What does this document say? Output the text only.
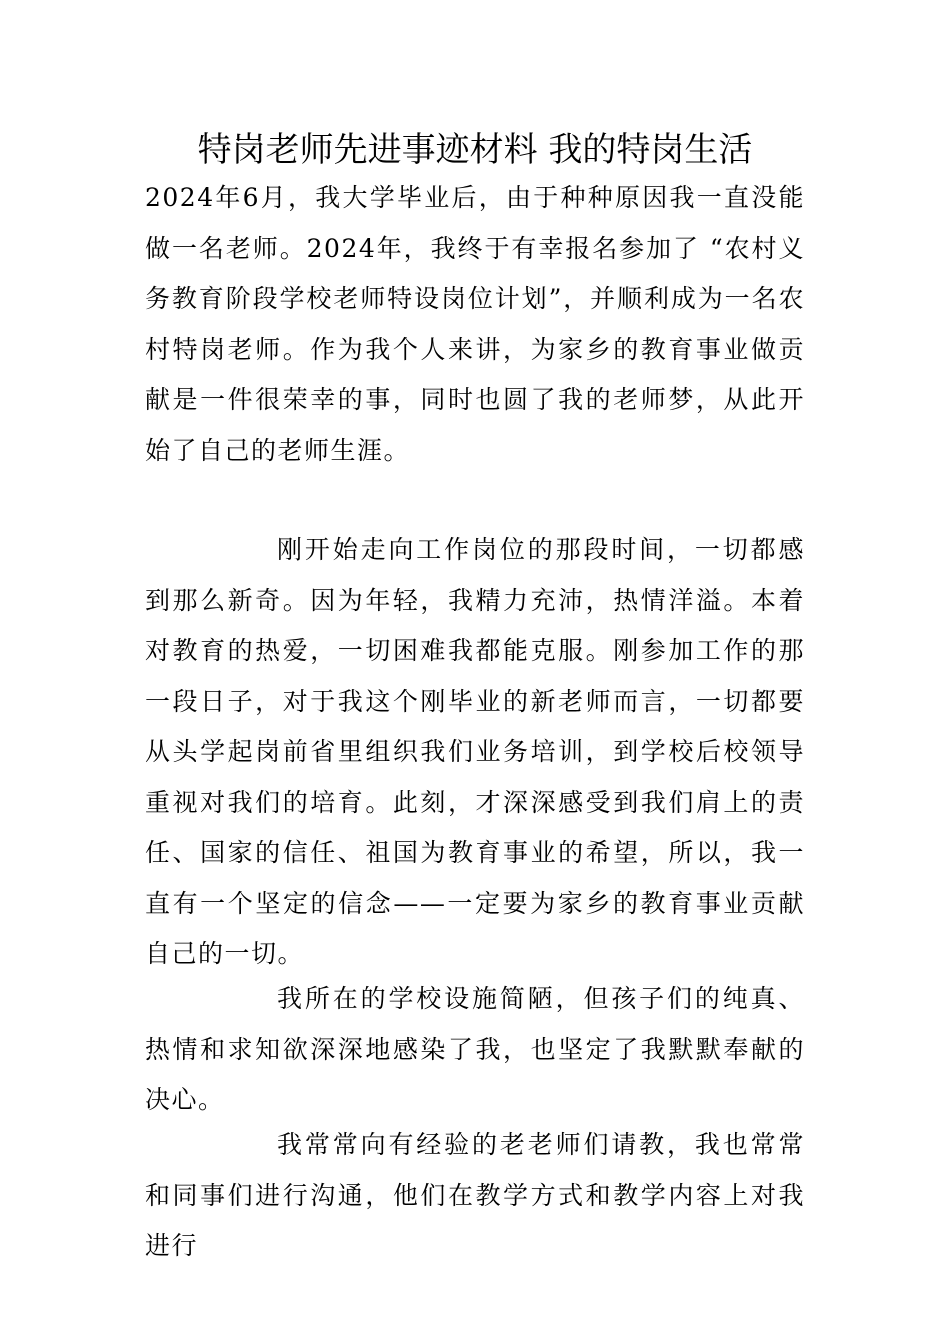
特岗老师先进事迹材料 我的特岗生活
2024年6月，我大学毕业后，由于种种原因我一直没能做一名老师。2024年，我终于有幸报名参加了 “农村义务教育阶段学校老师特设岗位计划”，并顺利成为一名农村特岗老师。作为我个人来讲，为家乡的教育事业做贡献是一件很荣幸的事，同时也圆了我的老师梦，从此开始了自己的老师生涯。
刚开始走向工作岗位的那段时间，一切都感到那么新奇。因为年轻，我精力充沛，热情洋溢。本着对教育的热爱，一切困难我都能克服。刚参加工作的那一段日子，对于我这个刚毕业的新老师而言，一切都要从头学起岗前省里组织我们业务培训，到学校后校领导重视对我们的培育。此刻，才深深感受到我们肩上的责任、国家的信任、祖国为教育事业的希望，所以，我一直有一个坚定的信念——一定要为家乡的教育事业贡献自己的一切。
我所在的学校设施简陋，但孩子们的纯真、热情和求知欲深深地感染了我，也坚定了我默默奉献的决心。
我常常向有经验的老老师们请教，我也常常和同事们进行沟通，他们在教学方式和教学内容上对我进行
